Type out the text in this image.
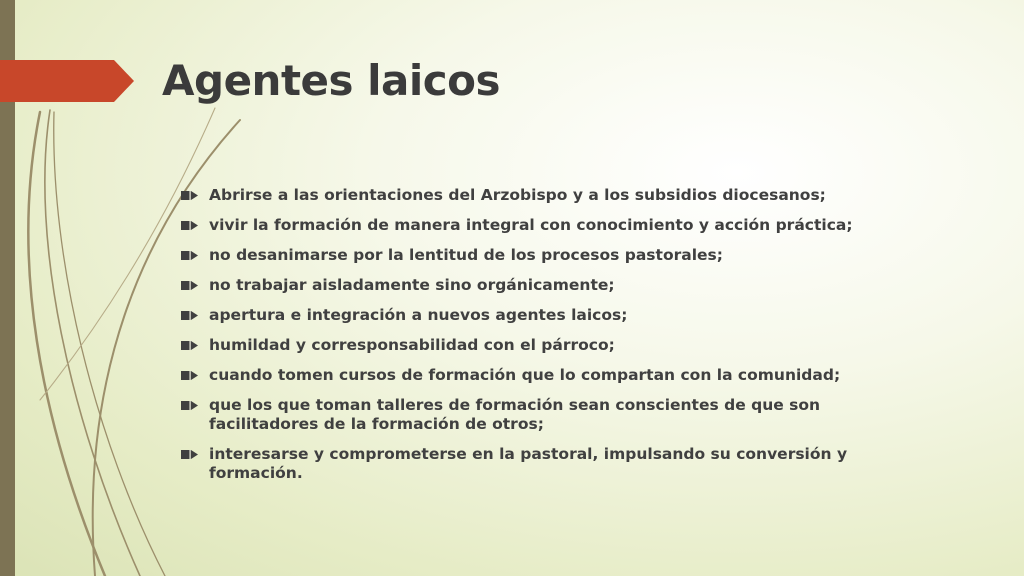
Agentes laicos
Abrirse a las orientaciones del Arzobispo y a los subsidios diocesanos;
vivir la formación de manera integral con conocimiento y acción práctica;
no desanimarse por la lentitud de los procesos pastorales;
no trabajar aisladamente sino orgánicamente;
apertura e integración a nuevos agentes laicos;
humildad y corresponsabilidad con el párroco;
cuando tomen cursos de formación que lo compartan con la comunidad;
que los que toman talleres de formación sean conscientes de que son facilitadores de la formación de otros;
interesarse y comprometerse en la pastoral, impulsando su conversión y formación.
